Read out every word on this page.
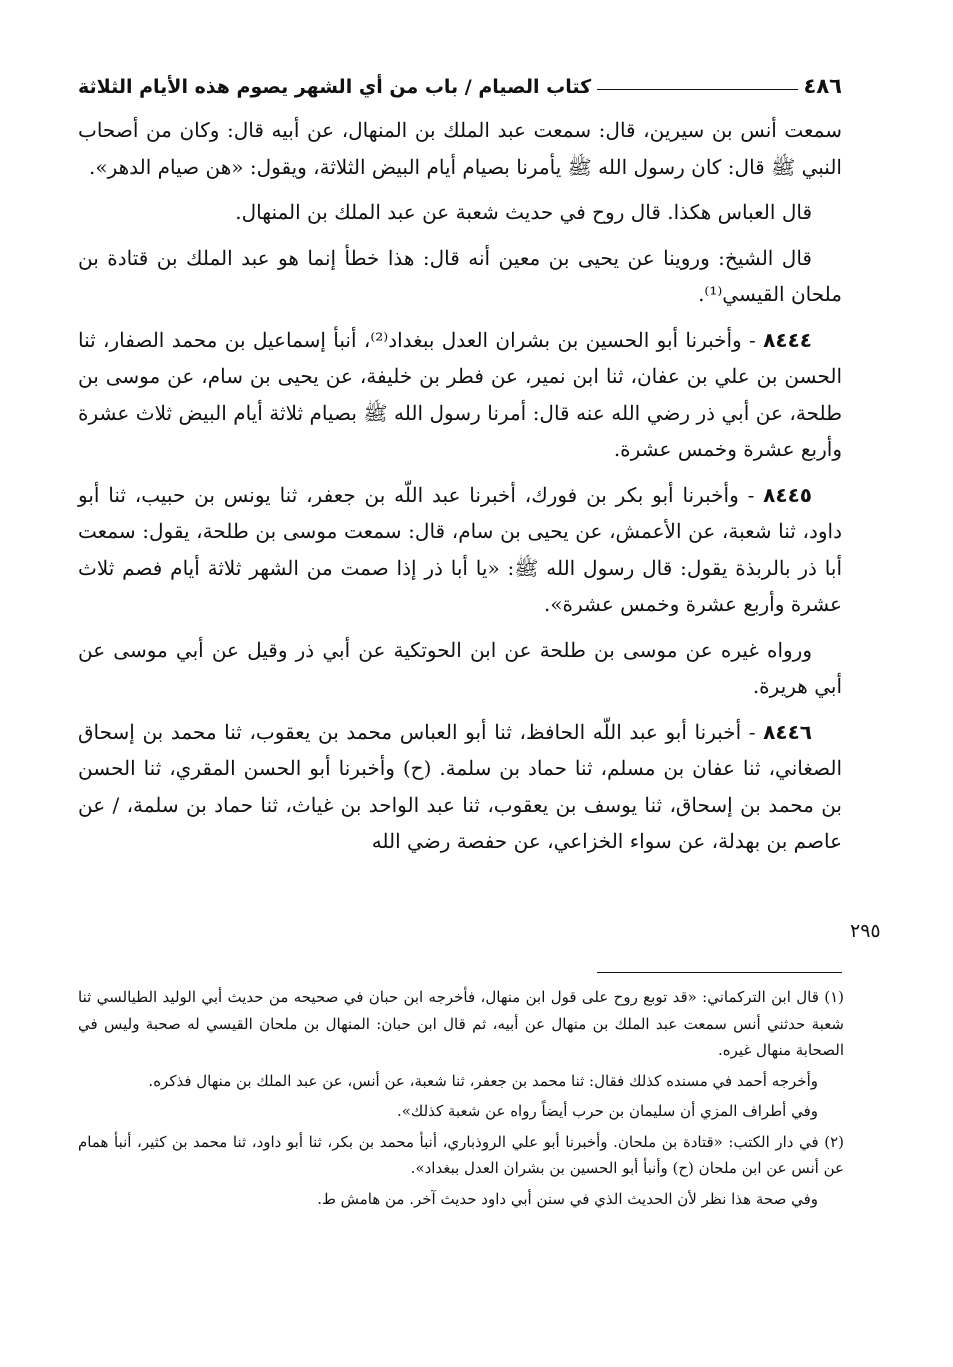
٤٨٦
كتاب الصيام / باب من أي الشهر يصوم هذه الأيام الثلاثة

سمعت أنس بن سيرين، قال: سمعت عبد الملك بن المنهال، عن أبيه قال: وكان من أصحاب النبي ﷺ قال: كان رسول الله ﷺ يأمرنا بصيام أيام البيض الثلاثة، ويقول: «هن صيام الدهر».

قال العباس هكذا. قال روح في حديث شعبة عن عبد الملك بن المنهال.

قال الشيخ: وروينا عن يحيى بن معين أنه قال: هذا خطأ إنما هو عبد الملك بن قتادة بن ملحان القيسي⁽¹⁾.

٨٤٤٤ - وأخبرنا أبو الحسين بن بشران العدل ببغداد⁽²⁾، أنبأ إسماعيل بن محمد الصفار، ثنا الحسن بن علي بن عفان، ثنا ابن نمير، عن فطر بن خليفة، عن يحيى بن سام، عن موسى بن طلحة، عن أبي ذر رضي الله عنه قال: أمرنا رسول الله ﷺ بصيام ثلاثة أيام البيض ثلاث عشرة وأربع عشرة وخمس عشرة.

٨٤٤٥ - وأخبرنا أبو بكر بن فورك، أخبرنا عبد اللّه بن جعفر، ثنا يونس بن حبيب، ثنا أبو داود، ثنا شعبة، عن الأعمش، عن يحيى بن سام، قال: سمعت موسى بن طلحة، يقول: سمعت أبا ذر بالربذة يقول: قال رسول الله ﷺ: «يا أبا ذر إذا صمت من الشهر ثلاثة أيام فصم ثلاث عشرة وأربع عشرة وخمس عشرة».

ورواه غيره عن موسى بن طلحة عن ابن الحوتكية عن أبي ذر وقيل عن أبي موسى عن أبي هريرة.

٨٤٤٦ - أخبرنا أبو عبد اللّه الحافظ، ثنا أبو العباس محمد بن يعقوب، ثنا محمد بن إسحاق الصغاني، ثنا عفان بن مسلم، ثنا حماد بن سلمة. (ح) وأخبرنا أبو الحسن المقري، ثنا الحسن بن محمد بن إسحاق، ثنا يوسف بن يعقوب، ثنا عبد الواحد بن غياث، ثنا حماد بن سلمة، / عن عاصم بن بهدلة، عن سواء الخزاعي، عن حفصة رضي الله

٢٩٥

(١) قال ابن التركماني: «قد توبع روح على قول ابن منهال، فأخرجه ابن حبان في صحيحه من حديث أبي الوليد الطيالسي ثنا شعبة حدثني أنس سمعت عبد الملك بن منهال عن أبيه، ثم قال ابن حبان: المنهال بن ملحان القيسي له صحبة وليس في الصحابة منهال غيره.

وأخرجه أحمد في مسنده كذلك فقال: ثنا محمد بن جعفر، ثنا شعبة، عن أنس، عن عبد الملك بن منهال فذكره.

وفي أطراف المزي أن سليمان بن حرب أيضاً رواه عن شعبة كذلك».

(٢) في دار الكتب: «قتادة بن ملحان. وأخبرنا أبو علي الروذباري، أنبأ محمد بن بكر، ثنا أبو داود، ثنا محمد بن كثير، أنبأ همام عن أنس عن ابن ملحان (ح) وأنبأ أبو الحسين بن بشران العدل ببغداد».

وفي صحة هذا نظر لأن الحديث الذي في سنن أبي داود حديث آخر. من هامش ط.
